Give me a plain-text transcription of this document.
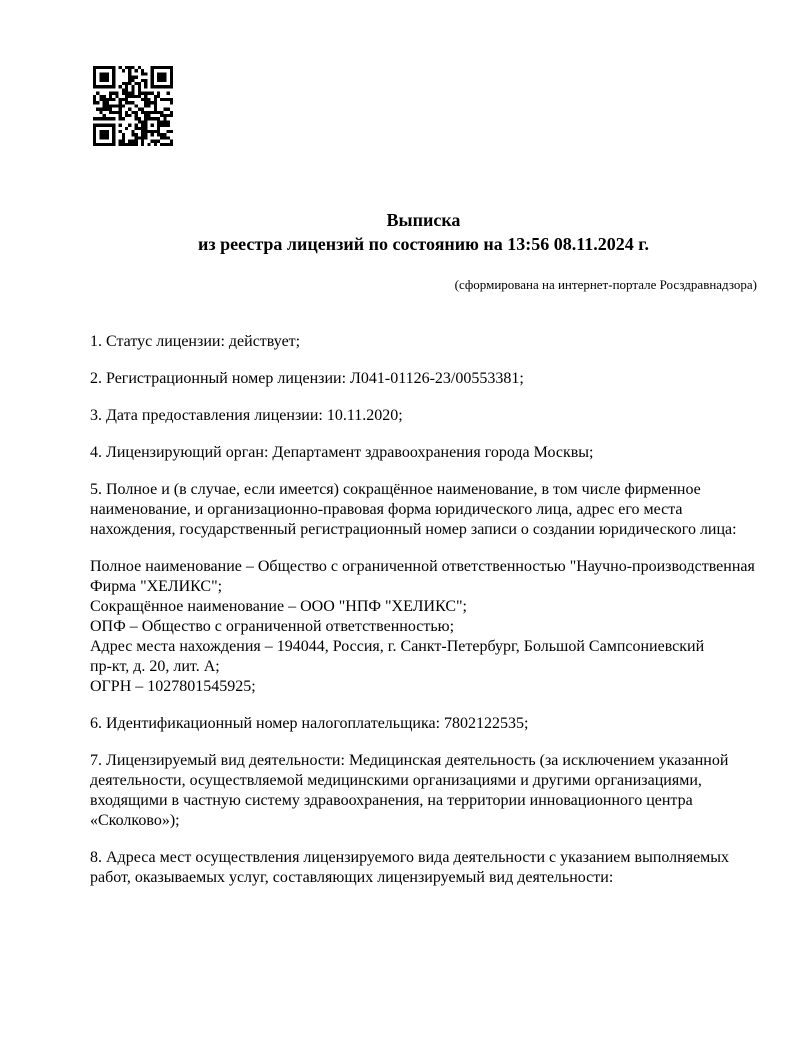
Выписка
из реестра лицензий по состоянию на 13:56 08.11.2024 г.
(сформирована на интернет-портале Росздравнадзора)
1. Статус лицензии: действует;
2. Регистрационный номер лицензии: Л041-01126-23/00553381;
3. Дата предоставления лицензии: 10.11.2020;
4. Лицензирующий орган: Департамент здравоохранения города Москвы;
5. Полное и (в случае, если имеется) сокращённое наименование, в том числе фирменное
наименование, и организационно-правовая форма юридического лица, адрес его места
нахождения, государственный регистрационный номер записи о создании юридического лица:
Полное наименование – Общество с ограниченной ответственностью "Научно-производственная
Фирма "ХЕЛИКС";
Сокращённое наименование – ООО "НПФ "ХЕЛИКС";
ОПФ – Общество с ограниченной ответственностью;
Адрес места нахождения – 194044, Россия, г. Санкт-Петербург, Большой Сампсониевский
пр-кт, д. 20, лит. А;
ОГРН – 1027801545925;
6. Идентификационный номер налогоплательщика: 7802122535;
7. Лицензируемый вид деятельности: Медицинская деятельность (за исключением указанной
деятельности, осуществляемой медицинскими организациями и другими организациями,
входящими в частную систему здравоохранения, на территории инновационного центра
«Сколково»);
8. Адреса мест осуществления лицензируемого вида деятельности с указанием выполняемых
работ, оказываемых услуг, составляющих лицензируемый вид деятельности:
